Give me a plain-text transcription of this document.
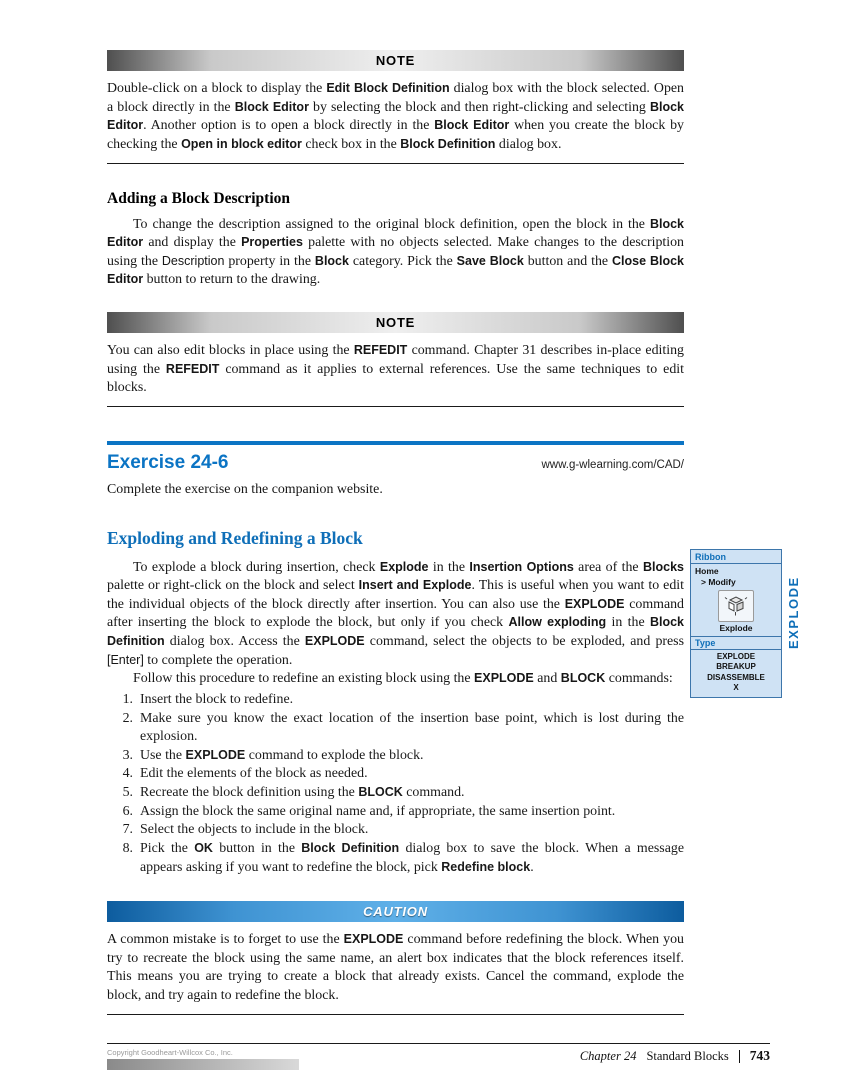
NOTE
Double-click on a block to display the Edit Block Definition dialog box with the block selected. Open a block directly in the Block Editor by selecting the block and then right-clicking and selecting Block Editor. Another option is to open a block directly in the Block Editor when you create the block by checking the Open in block editor check box in the Block Definition dialog box.
Adding a Block Description
To change the description assigned to the original block definition, open the block in the Block Editor and display the Properties palette with no objects selected. Make changes to the description using the Description property in the Block category. Pick the Save Block button and the Close Block Editor button to return to the drawing.
NOTE
You can also edit blocks in place using the REFEDIT command. Chapter 31 describes in-place editing using the REFEDIT command as it applies to external references. Use the same techniques to edit blocks.
Exercise 24-6	www.g-wlearning.com/CAD/
Complete the exercise on the companion website.
Exploding and Redefining a Block
To explode a block during insertion, check Explode in the Insertion Options area of the Blocks palette or right-click on the block and select Insert and Explode. This is useful when you want to edit the individual objects of the block directly after insertion. You can also use the EXPLODE command after inserting the block to explode the block, but only if you check Allow exploding in the Block Definition dialog box. Access the EXPLODE command, select the objects to be exploded, and press [Enter] to complete the operation.
Follow this procedure to redefine an existing block using the EXPLODE and BLOCK commands:
1. Insert the block to redefine.
2. Make sure you know the exact location of the insertion base point, which is lost during the explosion.
3. Use the EXPLODE command to explode the block.
4. Edit the elements of the block as needed.
5. Recreate the block definition using the BLOCK command.
6. Assign the block the same original name and, if appropriate, the same insertion point.
7. Select the objects to include in the block.
8. Pick the OK button in the Block Definition dialog box to save the block. When a message appears asking if you want to redefine the block, pick Redefine block.
CAUTION
A common mistake is to forget to use the EXPLODE command before redefining the block. When you try to recreate the block using the same name, an alert box indicates that the block references itself. This means you are trying to create a block that already exists. Cancel the command, explode the block, and try again to redefine the block.
Ribbon
Home
> Modify
Explode
Type
EXPLODE
BREAKUP
DISASSEMBLE
X
EXPLODE
Copyright Goodheart-Willcox Co., Inc.	Chapter 24 Standard Blocks 743
